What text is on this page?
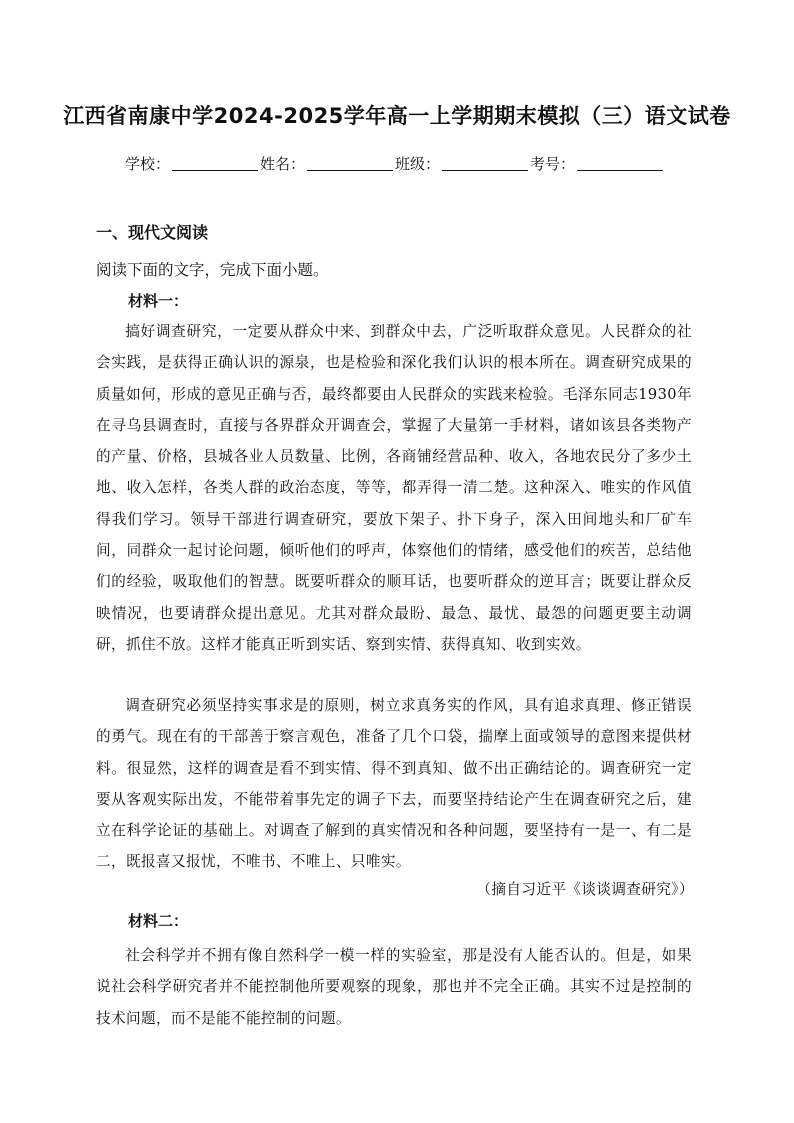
江西省南康中学2024-2025学年高一上学期期末模拟（三）语文试卷
学校：	姓名：	班级：	考号：
一、现代文阅读
阅读下面的文字，完成下面小题。
材料一：
搞好调查研究，一定要从群众中来、到群众中去，广泛听取群众意见。人民群众的社会实践，是获得正确认识的源泉，也是检验和深化我们认识的根本所在。调查研究成果的质量如何，形成的意见正确与否，最终都要由人民群众的实践来检验。毛泽东同志1930年在寻乌县调查时，直接与各界群众开调查会，掌握了大量第一手材料，诸如该县各类物产的产量、价格，县城各业人员数量、比例，各商铺经营品种、收入，各地农民分了多少土地、收入怎样，各类人群的政治态度，等等，都弄得一清二楚。这种深入、唯实的作风值得我们学习。领导干部进行调查研究，要放下架子、扑下身子，深入田间地头和厂矿车间，同群众一起讨论问题，倾听他们的呼声，体察他们的情绪，感受他们的疾苦，总结他们的经验，吸取他们的智慧。既要听群众的顺耳话，也要听群众的逆耳言；既要让群众反映情况，也要请群众提出意见。尤其对群众最盼、最急、最忧、最怨的问题更要主动调研，抓住不放。这样才能真正听到实话、察到实情、获得真知、收到实效。
调查研究必须坚持实事求是的原则，树立求真务实的作风，具有追求真理、修正错误的勇气。现在有的干部善于察言观色，准备了几个口袋，揣摩上面或领导的意图来提供材料。很显然，这样的调查是看不到实情、得不到真知、做不出正确结论的。调查研究一定要从客观实际出发，不能带着事先定的调子下去，而要坚持结论产生在调查研究之后，建立在科学论证的基础上。对调查了解到的真实情况和各种问题，要坚持有一是一、有二是二，既报喜又报忧，不唯书、不唯上、只唯实。
（摘自习近平《谈谈调查研究》）
材料二：
社会科学并不拥有像自然科学一模一样的实验室，那是没有人能否认的。但是，如果说社会科学研究者并不能控制他所要观察的现象，那也并不完全正确。其实不过是控制的技术问题，而不是能不能控制的问题。
